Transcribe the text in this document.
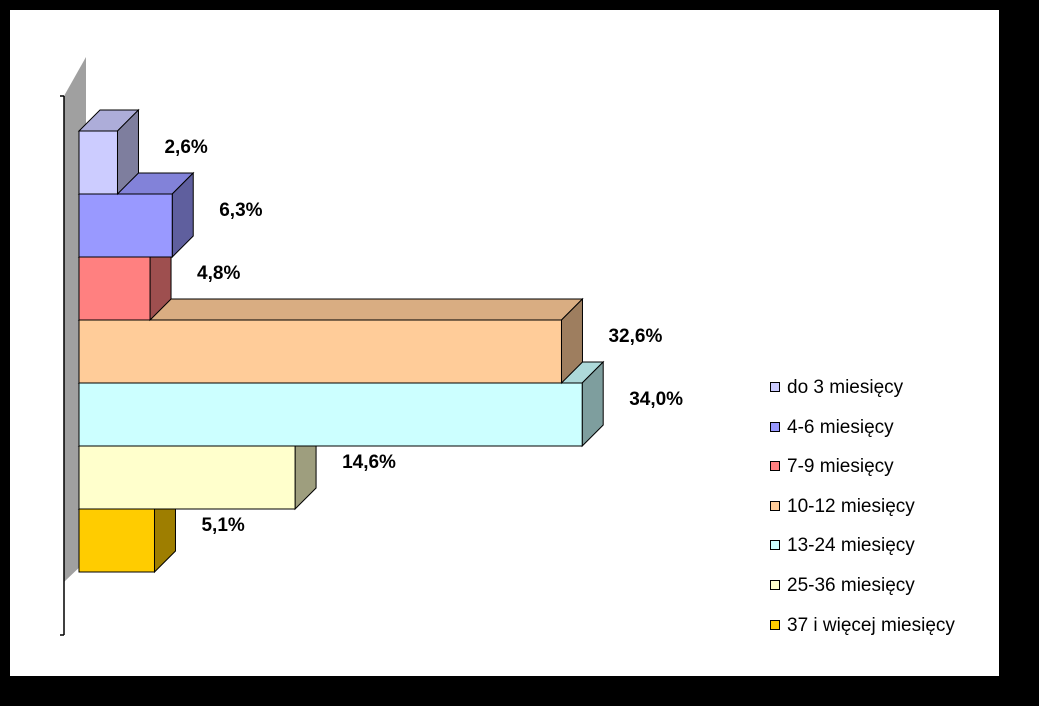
2,6%
6,3%
4,8%
32,6%
34,0%
14,6%
5,1%
do 3 miesięcy
4-6 miesięcy
7-9 miesięcy
10-12 miesięcy
13-24 miesięcy
25-36 miesięcy
37 i więcej miesięcy
